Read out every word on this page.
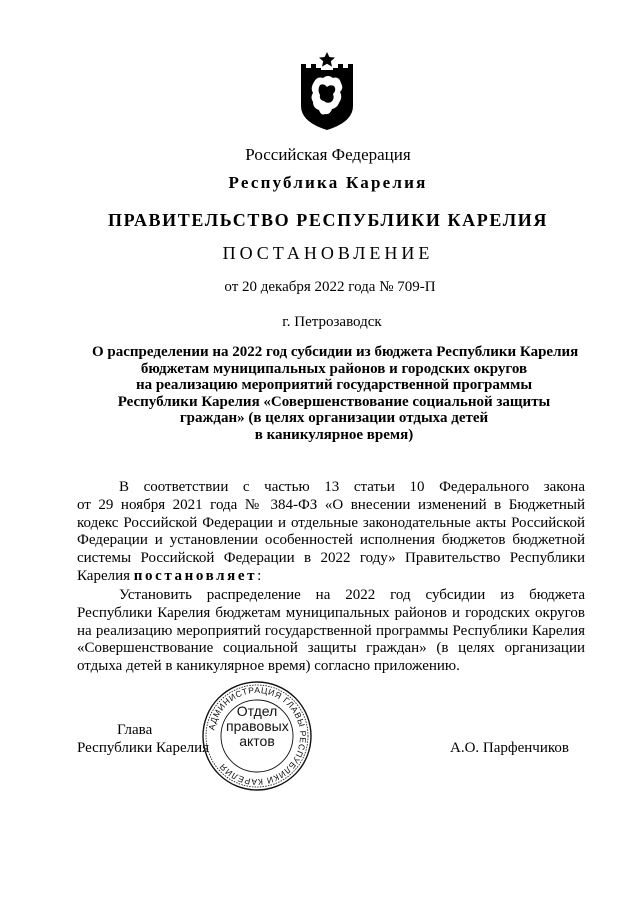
Российская Федерация
Республика Карелия
ПРАВИТЕЛЬСТВО РЕСПУБЛИКИ КАРЕЛИЯ
ПОСТАНОВЛЕНИЕ
от 20 декабря 2022 года № 709-П
г. Петрозаводск
О распределении на 2022 год субсидии из бюджета Республики Карелия
бюджетам муниципальных районов и городских округов
на реализацию мероприятий государственной программы
Республики Карелия «Совершенствование социальной защиты
граждан» (в целях организации отдыха детей
в каникулярное время)
В соответствии с частью 13 статьи 10 Федерального закона
от 29 ноября 2021 года № 384-ФЗ «О внесении изменений в Бюджетный
кодекс Российской Федерации и отдельные законодательные акты Российской
Федерации и установлении особенностей исполнения бюджетов бюджетной
системы Российской Федерации в 2022 году» Правительство Республики
Карелия постановляет:
Установить распределение на 2022 год субсидии из бюджета
Республики Карелия бюджетам муниципальных районов и городских округов
на реализацию мероприятий государственной программы Республики Карелия
«Совершенствование социальной защиты граждан» (в целях организации
отдыха детей в каникулярное время) согласно приложению.
Глава
Республики Карелия	А.О. Парфенчиков
АДМИНИСТРАЦИЯ ГЛАВЫ РЕСПУБЛИКИ КАРЕЛИЯ
Отдел
правовых
актов
